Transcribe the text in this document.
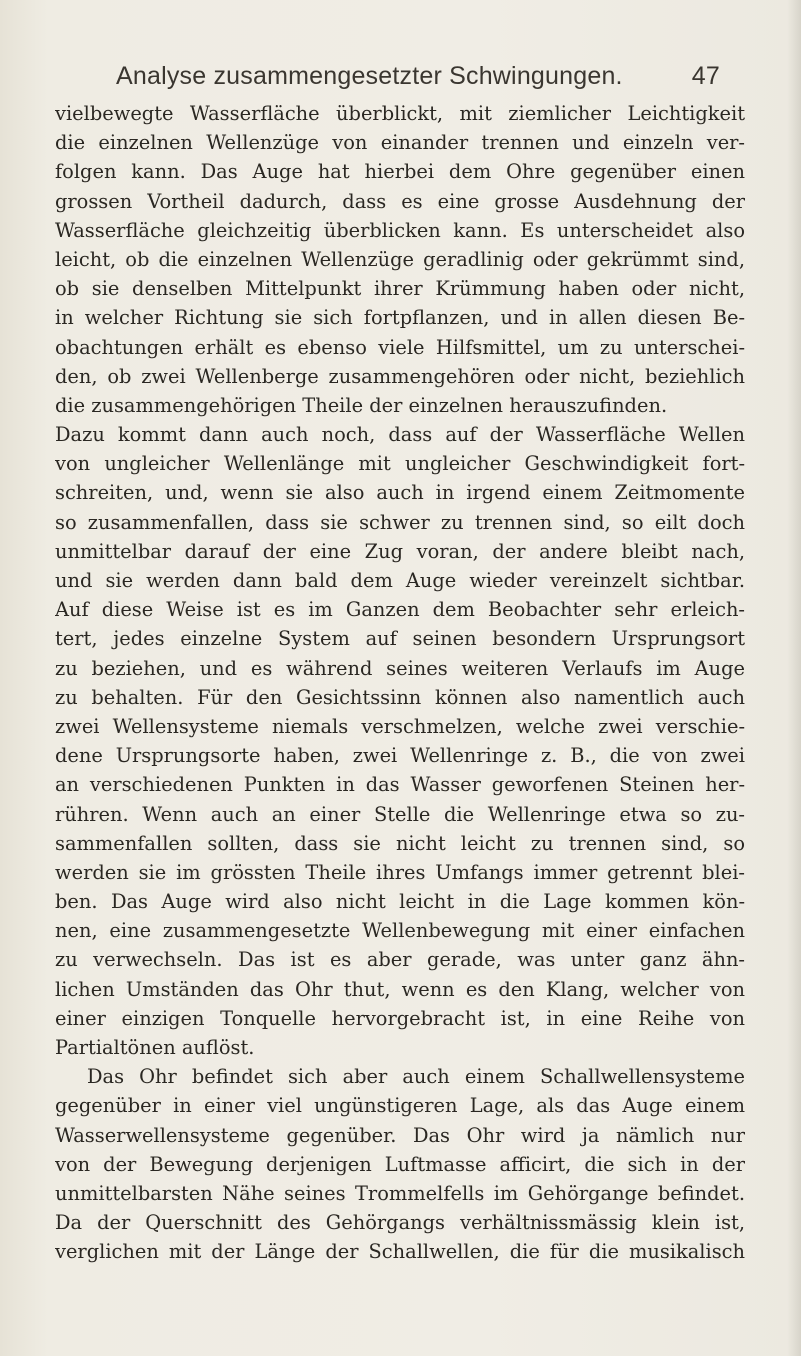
Analyse zusammengesetzter Schwingungen.	47
vielbewegte Wasserfläche überblickt, mit ziemlicher Leichtigkeit
die einzelnen Wellenzüge von einander trennen und einzeln ver-
folgen kann. Das Auge hat hierbei dem Ohre gegenüber einen
grossen Vortheil dadurch, dass es eine grosse Ausdehnung der
Wasserfläche gleichzeitig überblicken kann. Es unterscheidet also
leicht, ob die einzelnen Wellenzüge geradlinig oder gekrümmt sind,
ob sie denselben Mittelpunkt ihrer Krümmung haben oder nicht,
in welcher Richtung sie sich fortpflanzen, und in allen diesen Be-
obachtungen erhält es ebenso viele Hilfsmittel, um zu unterschei-
den, ob zwei Wellenberge zusammengehören oder nicht, beziehlich
die zusammengehörigen Theile der einzelnen herauszufinden.
Dazu kommt dann auch noch, dass auf der Wasserfläche Wellen
von ungleicher Wellenlänge mit ungleicher Geschwindigkeit fort-
schreiten, und, wenn sie also auch in irgend einem Zeitmomente
so zusammenfallen, dass sie schwer zu trennen sind, so eilt doch
unmittelbar darauf der eine Zug voran, der andere bleibt nach,
und sie werden dann bald dem Auge wieder vereinzelt sichtbar.
Auf diese Weise ist es im Ganzen dem Beobachter sehr erleich-
tert, jedes einzelne System auf seinen besondern Ursprungsort
zu beziehen, und es während seines weiteren Verlaufs im Auge
zu behalten. Für den Gesichtssinn können also namentlich auch
zwei Wellensysteme niemals verschmelzen, welche zwei verschie-
dene Ursprungsorte haben, zwei Wellenringe z. B., die von zwei
an verschiedenen Punkten in das Wasser geworfenen Steinen her-
rühren. Wenn auch an einer Stelle die Wellenringe etwa so zu-
sammenfallen sollten, dass sie nicht leicht zu trennen sind, so
werden sie im grössten Theile ihres Umfangs immer getrennt blei-
ben. Das Auge wird also nicht leicht in die Lage kommen kön-
nen, eine zusammengesetzte Wellenbewegung mit einer einfachen
zu verwechseln. Das ist es aber gerade, was unter ganz ähn-
lichen Umständen das Ohr thut, wenn es den Klang, welcher von
einer einzigen Tonquelle hervorgebracht ist, in eine Reihe von
Partialtönen auflöst.
Das Ohr befindet sich aber auch einem Schallwellensysteme
gegenüber in einer viel ungünstigeren Lage, als das Auge einem
Wasserwellensysteme gegenüber. Das Ohr wird ja nämlich nur
von der Bewegung derjenigen Luftmasse afficirt, die sich in der
unmittelbarsten Nähe seines Trommelfells im Gehörgange befindet.
Da der Querschnitt des Gehörgangs verhältnissmässig klein ist,
verglichen mit der Länge der Schallwellen, die für die musikalisch
